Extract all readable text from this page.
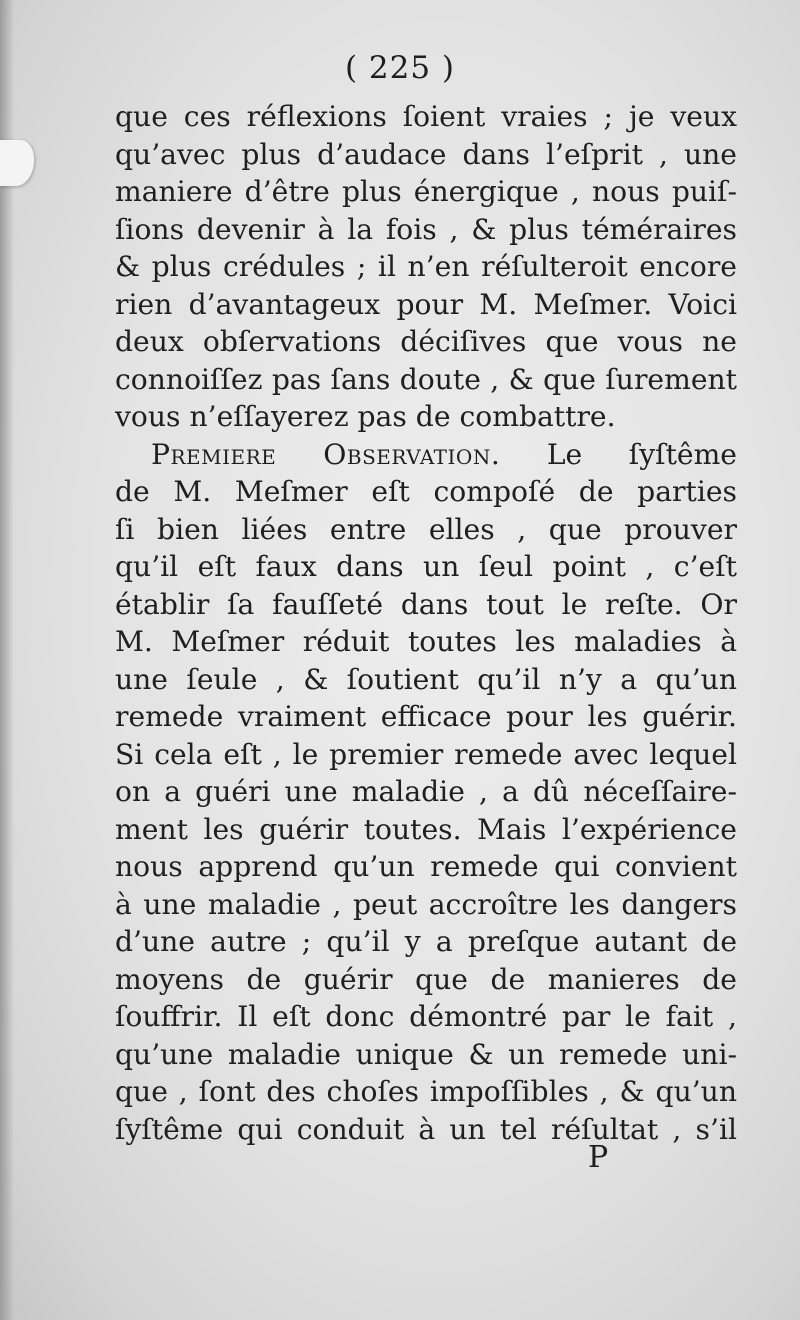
( 225 )
que ces réflexions ſoient vraies ; je veux
qu’avec plus d’audace dans l’eſprit , une
maniere d’être plus énergique , nous puiſ-
ſions devenir à la fois , & plus téméraires
& plus crédules ; il n’en réſulteroit encore
rien d’avantageux pour M. Meſmer. Voici
deux obſervations déciſives que vous ne
connoiſſez pas ſans doute , & que ſurement
vous n’eſſayerez pas de combattre.
Premiere Observation. Le ſyſtême
de M. Meſmer eſt compoſé de parties
ſi bien liées entre elles , que prouver
qu’il eſt faux dans un ſeul point , c’eſt
établir ſa fauſſeté dans tout le reſte. Or
M. Meſmer réduit toutes les maladies à
une ſeule , & ſoutient qu’il n’y a qu’un
remede vraiment efficace pour les guérir.
Si cela eſt , le premier remede avec lequel
on a guéri une maladie , a dû néceſſaire-
ment les guérir toutes. Mais l’expérience
nous apprend qu’un remede qui convient
à une maladie , peut accroître les dangers
d’une autre ; qu’il y a preſque autant de
moyens de guérir que de manieres de
ſouffrir. Il eſt donc démontré par le fait ,
qu’une maladie unique & un remede uni-
que , ſont des choſes impoſſibles , & qu’un
ſyſtême qui conduit à un tel réſultat , s’il
P
